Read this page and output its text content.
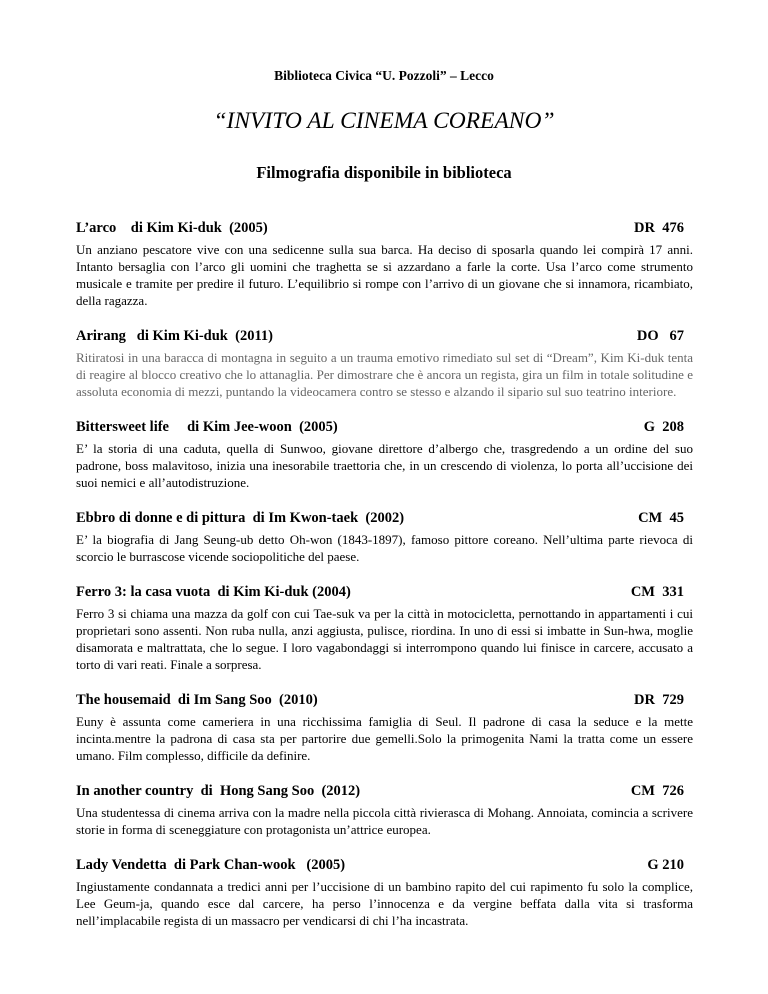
Biblioteca Civica “U. Pozzoli” – Lecco
“INVITO AL CINEMA COREANO”
Filmografia disponibile in biblioteca
L’arco    di Kim Ki-duk  (2005)	DR  476
Un anziano pescatore vive con una sedicenne sulla sua barca. Ha deciso di sposarla quando lei compirà 17 anni. Intanto bersaglia con l’arco gli uomini che traghetta se si azzardano a farle la corte. Usa l’arco come strumento musicale e tramite per predire il futuro. L’equilibrio si rompe con l’arrivo di un giovane che si innamora, ricambiato, della ragazza.
Arirang   di Kim Ki-duk  (2011)	DO   67
Ritiratosi in una baracca di montagna in seguito a un trauma emotivo rimediato sul set di “Dream”, Kim Ki-duk tenta di reagire al blocco creativo che lo attanaglia. Per dimostrare che è ancora un regista, gira un film in totale solitudine e assoluta economia di mezzi, puntando la videocamera contro se stesso e alzando il sipario sul suo teatrino interiore.
Bittersweet life     di Kim Jee-woon  (2005)	G  208
E’ la storia di una caduta, quella di Sunwoo, giovane direttore d’albergo che, trasgredendo a un ordine del suo padrone, boss malavitoso, inizia una inesorabile traettoria che, in un crescendo di violenza, lo porta all’uccisione dei suoi nemici e all’autodistruzione.
Ebbro di donne e di pittura  di Im Kwon-taek  (2002)	CM  45
E’ la biografia di Jang Seung-ub detto Oh-won (1843-1897), famoso pittore coreano. Nell’ultima parte rievoca di scorcio le burrascose vicende sociopolitiche del paese.
Ferro 3: la casa vuota  di Kim Ki-duk (2004)	CM  331
Ferro 3 si chiama una mazza da golf con cui Tae-suk va per la città in motocicletta, pernottando in appartamenti i cui proprietari sono assenti. Non ruba nulla, anzi aggiusta, pulisce, riordina. In uno di essi si imbatte in Sun-hwa, moglie disamorata e maltrattata, che lo segue. I loro vagabondaggi si interrompono quando lui finisce in carcere, accusato a torto di vari reati. Finale a sorpresa.
The housemaid  di Im Sang Soo  (2010)	DR  729
Euny è assunta come cameriera in una ricchissima famiglia di Seul. Il padrone di casa la seduce e la mette incinta.mentre la padrona di casa sta per partorire due gemelli.Solo la primogenita Nami la tratta come un essere umano. Film complesso, difficile da definire.
In another country  di  Hong Sang Soo  (2012)	CM  726
Una studentessa di cinema arriva con la madre nella piccola città rivierasca di Mohang. Annoiata, comincia a scrivere storie in forma di sceneggiature con protagonista un’attrice europea.
Lady Vendetta  di Park Chan-wook   (2005)	G 210
Ingiustamente condannata a tredici anni per l’uccisione di un bambino rapito del cui rapimento fu solo la complice, Lee Geum-ja, quando esce dal carcere, ha perso l’innocenza e da vergine beffata dalla vita si trasforma nell’implacabile regista di un massacro per vendicarsi di chi l’ha incastrata.
